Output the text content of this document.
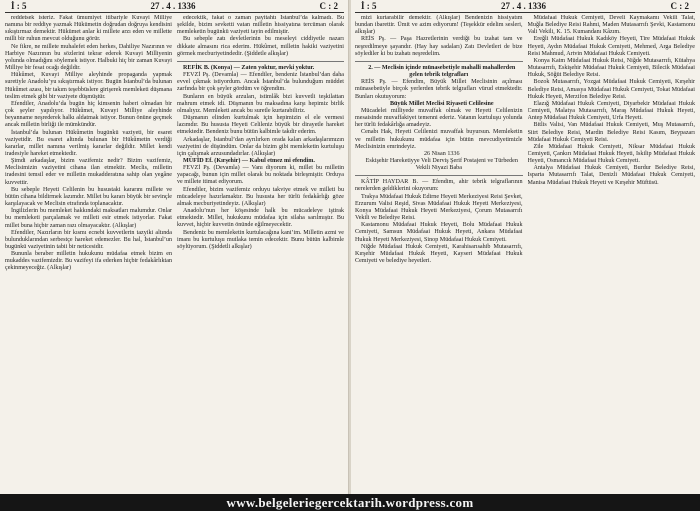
İ : 5	27 . 4 . 1336	C : 2

reddetsek isteriz. Fakat ümumiyet itibariyle Kuvayi Milliye namına bir reddiye yazmak Hükümetin doğrudan doğruya kendisini sıkıştırmaz demektir. Hükümet anlar ki millete arzı eden ve millette milli bir ruhun mevcut olduğunu görür.

Ne fikre, ne millete muhalefet eden herkes, Dahiliye Nazırının ve Harbiye Nazırının bu sözlerini tekrar ederek Kuvayi Milliyenin yolunda olmadığını söylemek istiyor. Halbuki hiç bir zaman Kuvayi Milliye bir fesat ocağı değildir.

Hükûmet, Kuvayi Milliye aleyhinde propaganda yapmak suretiyle Anadolu’yu sıkıştırmak istiyor. Bugün İstanbul’da bulunan Hükûmet azası, bir takım teşebbüslere girişerek memleketi düşmana teslim etmek gibi bir vaziyete düşmüştür.

Efendiler, Anadolu’da bugün hiç kimsenin haberi olmadan bir çok şeyler yapılıyor. Hükûmet, Kuvayi Milliye aleyhinde beyanname neşrederek halkı aldatmak istiyor. Bunun önüne geçmek ancak milletin birliği ile mümkündür.

İstanbul’da bulunan Hükûmetin bugünkü vaziyeti, bir esaret vaziyetidir. Bu esaret altında bulunan bir Hükûmetin verdiği kararlar, millet namına verilmiş kararlar değildir. Millet kendi iradesiyle hareket etmektedir.

Şimdi arkadaşlar, bizim vazifemiz nedir? Bizim vazifemiz, Meclisimizin vaziyetini cihana ilan etmektir. Meclis, milletin iradesini temsil eder ve milletin mukadderatına sahip olan yegâne kuvvettir.

Bu sebeple Heyeti Celilenin bu husustaki kararını millete ve bütün cihana bildirmek lazımdır. Millet bu kararı büyük bir sevinçle karşılayacak ve Meclisin etrafında toplanacaktır.

İngilizlerin bu memleket hakkındaki maksatları malumdur. Onlar bu memleketi parçalamak ve milleti esir etmek istiyorlar. Fakat millet buna hiçbir zaman razı olmayacaktır. (Alkışlar)

Efendiler, Nazırların bir kısmı ecnebi kuvvetlerin tazyiki altında bulunduklarından serbestçe hareket edemezler. Bu hal, İstanbul’un bugünkü vaziyetinin tabii bir neticesidir.

Bununla beraber milletin hukukunu müdafaa etmek bizim en mukaddes vazifemizdir. Bu vazifeyi ifa ederken hiçbir fedakârlıktan çekinmeyeceğiz. (Alkışlar)

edecektik, fakat o zaman payitahtı İstanbul’da kalmadı. Bu şekilde, bizim sevketti vatan milletin hissiyatına tercüman olarak memleketin bugünkü vaziyeti tayin edilmiştir.

Bu sebeple zatı devletlerinin bu meseleyi ciddiyetle nazarı dikkate almasını rica ederim. Hükûmet, milletin hakiki vaziyetini görmek mecburiyetindedir. (Şiddetle alkışlar)

REFİK B. (Konya) — Zaten yoktur, mevki yoktur.

FEVZİ Pş. (Devamla) — Efendiler, bendeniz İstanbul’dan daha evvel çıkmak istiyordum. Ancak İstanbul’da bulunduğum müddet zarfında bir çok şeyler gördüm ve öğrendim.

Bunların en büyük arzuları, istimlâk bizi kuvvetli teşkilattan mahrum etmek idi. Düşmanın bu maksadına karşı hepimiz birlik olmalıyız. Memleketi ancak bu suretle kurtarabiliriz.

Düşmanın elinden kurtulmak için hepimizin el ele vermesi lazımdır. Bu hususta Heyeti Celileniz büyük bir dirayetle hareket etmektedir. Bendeniz bunu bütün kalbimle takdir ederim.

Arkadaşlar, İstanbul’dan ayrılırken orada kalan arkadaşlarımızın vaziyetini de düşündüm. Onlar da bizim gibi memleketin kurtuluşu için çalışmak arzusundadırlar. (Alkışlar)

MÜFİD Ef. (Kırşehir) — Kabul etmez mi efendim.

FEVZİ Pş. (Devamla) — Vanı diyorum ki, millet bu milletin yapacağı, bunun için millet olarak bu noktada birleşmiştir. Orduya ve millete itimat ediyorum.

Efendiler, bizim vazifemiz orduyu takviye etmek ve milleti bu mücadeleye hazırlamaktır. Bu hususta her türlü fedakârlığı göze almak mecburiyetindeyiz. (Alkışlar)

Anadolu’nun her köşesinde halk bu mücadeleye iştirak etmektedir. Millet, hukukunu müdafaa için silaha sarılmıştır. Bu kuvvet, hiçbir kuvvetin önünde eğilmeyecektir.

Bendeniz bu memleketin kurtulacağına kani’im. Milletin azmi ve imanı bu kurtuluşu mutlaka temin edecektir. Bunu bütün kalbimle söylüyorum. (Şiddetli alkışlar)

İ : 5	27 . 4 . 1336	C : 2

mizi kurtarabilir demektir. (Alkışlar) Bendenizin hissiyatım bundan ibarettir. Ümit ve azim ediyorum! (Teşekkür edelim sesleri, alkışlar)

REİS Pş. — Paşa Hazretlerinin verdiği bu izahat tam ve neşredilmeye şayandır. (Hay hay sadaları) Zatı Devletleri de bize söylediler ki bu izahatı neşredelim.

2. — Meclisin içinde münasebetiyle mahalli mahallerden gelen tebrik telgrafları

REİS Pş. — Efendim, Büyük Millet Meclisinin açılması münasebetiyle birçok yerlerden tebrik telgrafları vürud etmektedir. Bunları okutuyorum:

Büyük Millet Meclisi Riyaseti Celilesine

Mücadelei milliyede muvaffak olmak ve Heyeti Celilenizin mesaisinde muvaffakiyet temenni ederiz. Vatanın kurtuluşu yolunda her türlü fedakârlığa amadeyiz.

Cenabı Hak, Heyeti Celilenizi muvaffak buyursun. Memleketin ve milletin hukukunu müdafaa için bütün mevcudiyetimizle Meclisinizin emrindeyiz.

26 Nisan 1336

Eskişehir Hareketiyye Veli Derviş Şerif Postajeni ve Türbeden Vekili Niyazi Baba

KÂTİP HAYDAR B. — Efendim, ahir tebrik telgraflarının nerelerden geldiklerini okuyorum:

Trakya Müdafaai Hukuk Edirne Heyeti Merkeziyesi Reisi Şevket, Erzurum Valisi Reşid, Sivas Müdafaai Hukuk Heyeti Merkeziyesi, Konya Müdafaai Hukuk Heyeti Merkeziyesi, Çorum Mutasarrıfı Vekili ve Belediye Reisi.

Kastamonu Müdafaai Hukuk Heyeti, Bolu Müdafaai Hukuk Cemiyeti, Samsun Müdafaai Hukuk Heyeti, Ankara Müdafaai Hukuk Heyeti Merkeziyesi, Sinop Müdafaai Hukuk Cemiyeti.

Niğde Müdafaai Hukuk Cemiyeti, Karahisarısahib Mutasarrıfı, Kırşehir Müdafaai Hukuk Heyeti, Kayseri Müdafaai Hukuk Cemiyeti ve belediye heyetleri.

Müdafaai Hukuk Cemiyeti, Develi Kaymakamı Vekili Talat, Muğla Belediye Reisi Rahmi, Maden Mutasarrıfı Şevki, Kastamonu Vali Vekili, K. 15. Kumandanı Kâzım.

Ereğli Müdafaai Hukuk Kadıköy Heyeti, Tire Müdafaai Hukuk Heyeti, Aydın Müdafaai Hukuk Cemiyeti, Mehmed, Arga Belediye Reisi Mahmud, Artvin Müdafaai Hukuk Cemiyeti.

Konya Kaim Müdafaai Hukuk Reisi, Niğde Mutasarrıfı, Kütahya Mutasarrıfı, Eskişehir Müdafaai Hukuk Cemiyeti, Bilecik Müdafaai Hukuk, Söğüt Belediye Reisi.

Bozok Mutasarrıfı, Yozgat Müdafaai Hukuk Cemiyeti, Kırşehir Belediye Reisi, Amasya Müdafaai Hukuk Cemiyeti, Tokat Müdafaai Hukuk Heyeti, Merzifon Belediye Reisi.

Elazığ Müdafaai Hukuk Cemiyeti, Diyarbekir Müdafaai Hukuk Cemiyeti, Malatya Mutasarrıfı, Maraş Müdafaai Hukuk Heyeti, Antep Müdafaai Hukuk Cemiyeti, Urfa Heyeti.

Bitlis Valisi, Van Müdafaai Hukuk Cemiyeti, Muş Mutasarrıfı, Siirt Belediye Reisi, Mardin Belediye Reisi Kasım, Beypazarı Müdafaai Hukuk Cemiyeti Reisi.

Zile Müdafaai Hukuk Cemiyeti, Niksar Müdafaai Hukuk Cemiyeti, Çankırı Müdafaai Hukuk Heyeti, Iskilip Müdafaai Hukuk Heyeti, Osmancık Müdafaai Hukuk Cemiyeti.

Antalya Müdafaai Hukuk Cemiyeti, Burdur Belediye Reisi, Isparta Mutasarrıfı Talat, Denizli Müdafaai Hukuk Cemiyeti, Manisa Müdafaai Hukuk Heyeti ve Kırşehir Müftüsü.

www.belgeleriegercektarih.wordpress.com
